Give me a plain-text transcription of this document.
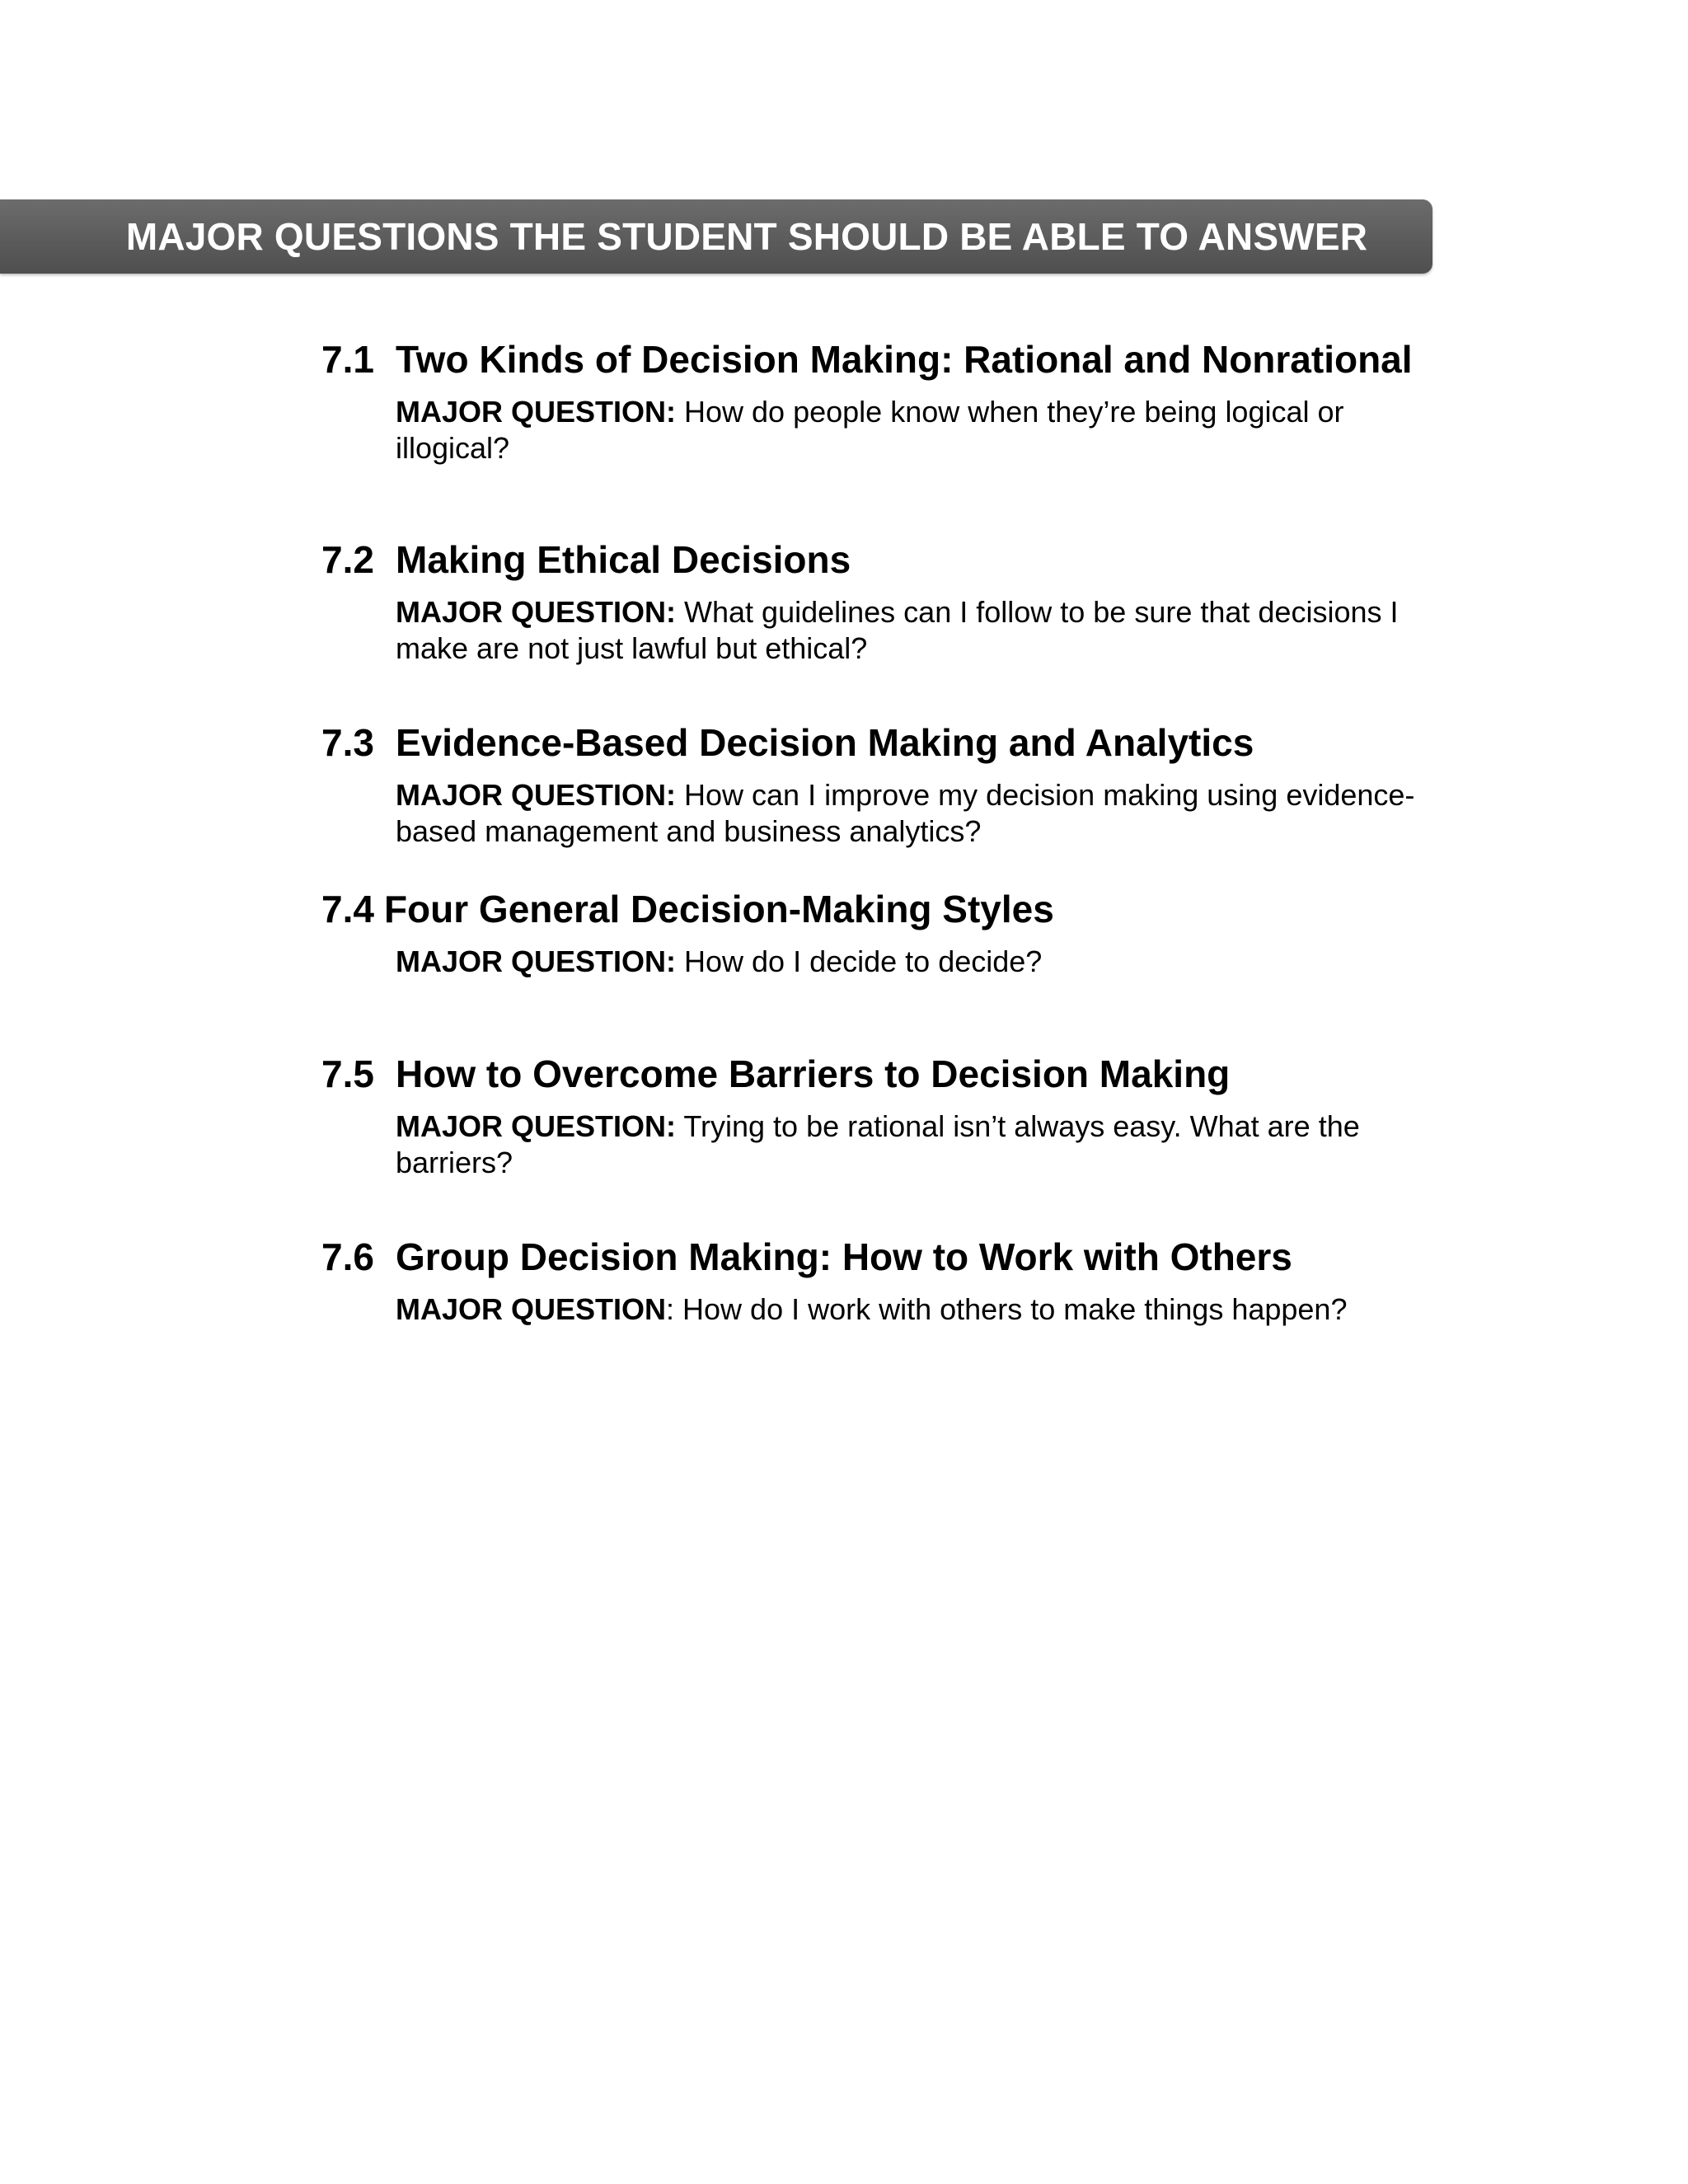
MAJOR QUESTIONS THE STUDENT SHOULD BE ABLE TO ANSWER
7.1 Two Kinds of Decision Making: Rational and Nonrational
MAJOR QUESTION: How do people know when they’re being logical or illogical?
7.2 Making Ethical Decisions
MAJOR QUESTION: What guidelines can I follow to be sure that decisions I make are not just lawful but ethical?
7.3 Evidence-Based Decision Making and Analytics
MAJOR QUESTION: How can I improve my decision making using evidence-based management and business analytics?
7.4 Four General Decision-Making Styles
MAJOR QUESTION: How do I decide to decide?
7.5 How to Overcome Barriers to Decision Making
MAJOR QUESTION: Trying to be rational isn’t always easy. What are the barriers?
7.6 Group Decision Making: How to Work with Others
MAJOR QUESTION: How do I work with others to make things happen?
